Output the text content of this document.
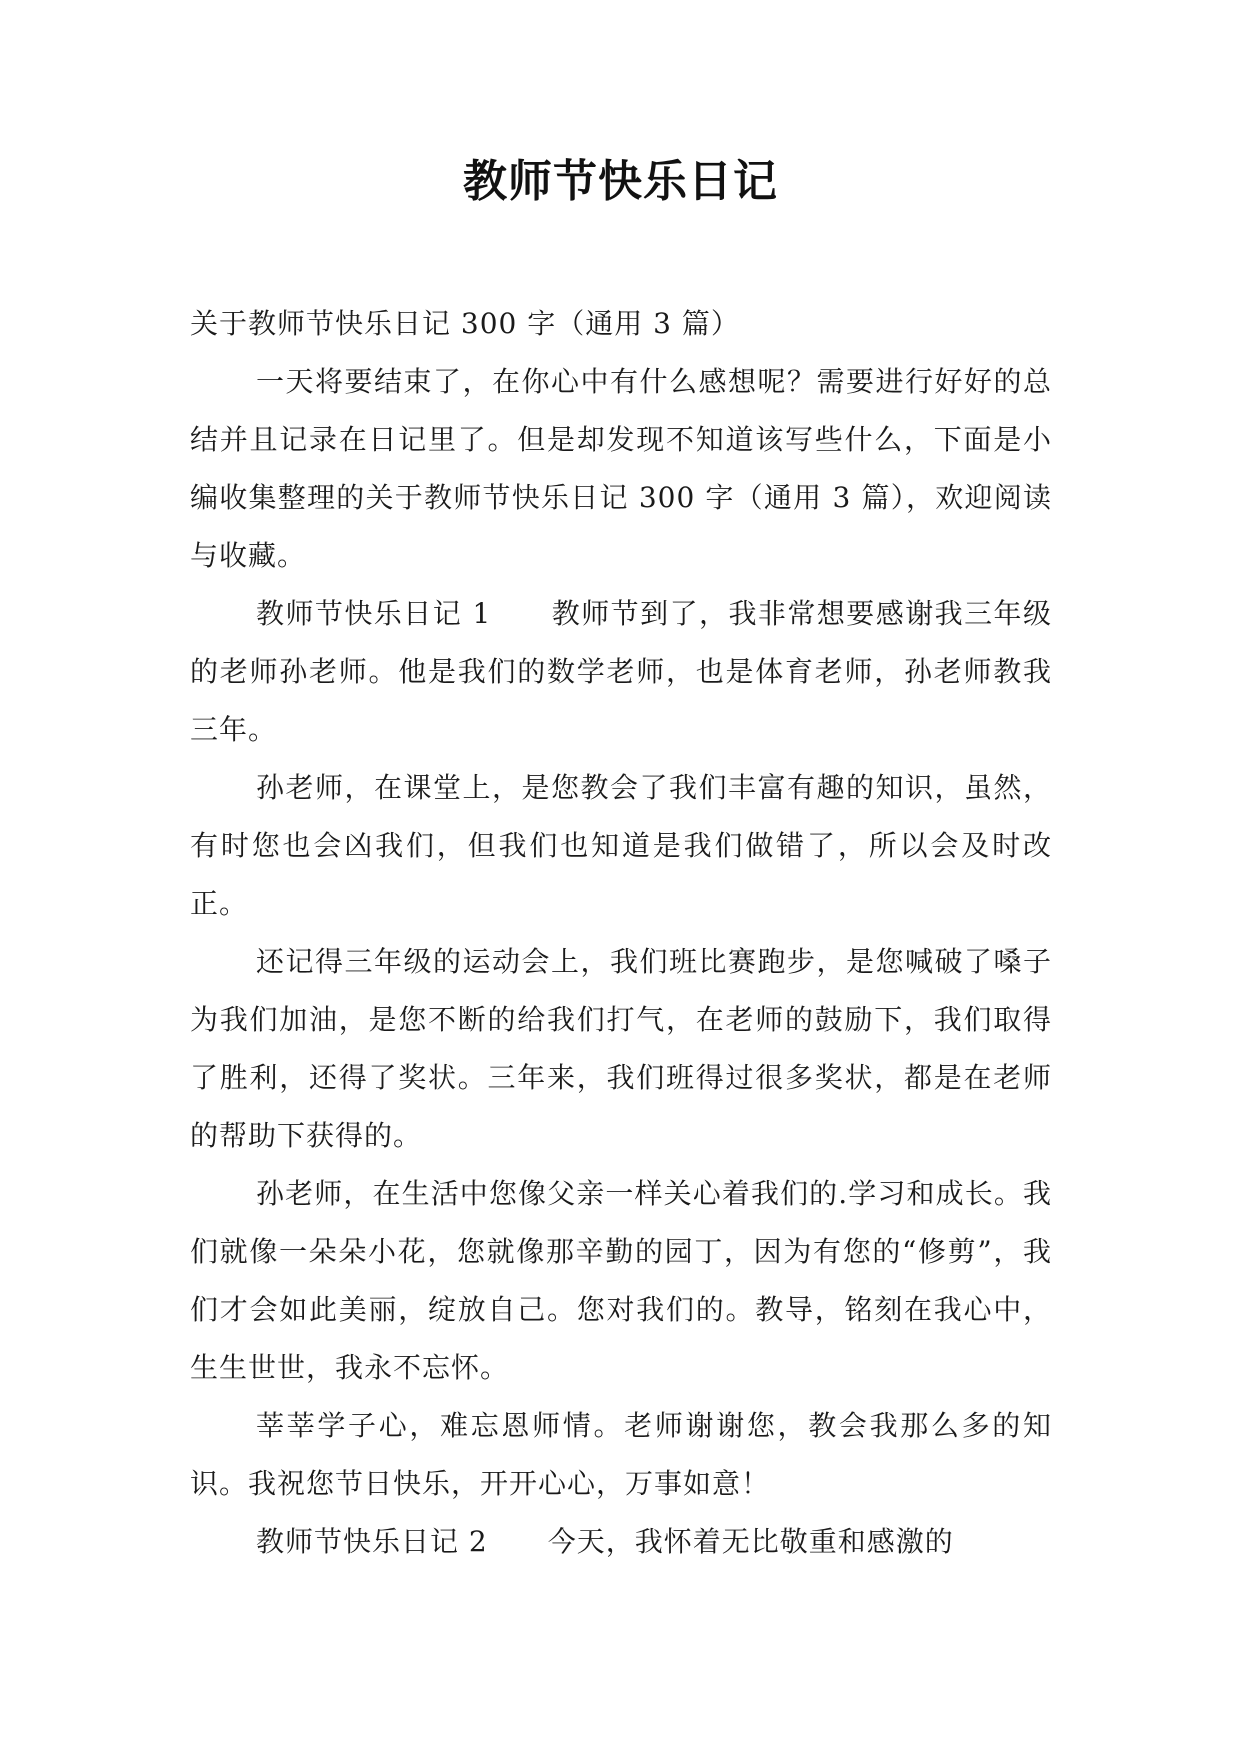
教师节快乐日记

关于教师节快乐日记 300 字（通用 3 篇）

一天将要结束了，在你心中有什么感想呢？需要进行好好的总结并且记录在日记里了。但是却发现不知道该写些什么，下面是小编收集整理的关于教师节快乐日记 300 字（通用 3 篇），欢迎阅读与收藏。

教师节快乐日记 1 教师节到了，我非常想要感谢我三年级的老师孙老师。他是我们的数学老师，也是体育老师，孙老师教我三年。

孙老师，在课堂上，是您教会了我们丰富有趣的知识，虽然，有时您也会凶我们，但我们也知道是我们做错了，所以会及时改正。

还记得三年级的运动会上，我们班比赛跑步，是您喊破了嗓子为我们加油，是您不断的给我们打气，在老师的鼓励下，我们取得了胜利，还得了奖状。三年来，我们班得过很多奖状，都是在老师的帮助下获得的。

孙老师，在生活中您像父亲一样关心着我们的.学习和成长。我们就像一朵朵小花，您就像那辛勤的园丁，因为有您的“修剪”，我们才会如此美丽，绽放自己。您对我们的。教导，铭刻在我心中，生生世世，我永不忘怀。

莘莘学子心，难忘恩师情。老师谢谢您，教会我那么多的知识。我祝您节日快乐，开开心心，万事如意！

教师节快乐日记 2 今天，我怀着无比敬重和感激的
